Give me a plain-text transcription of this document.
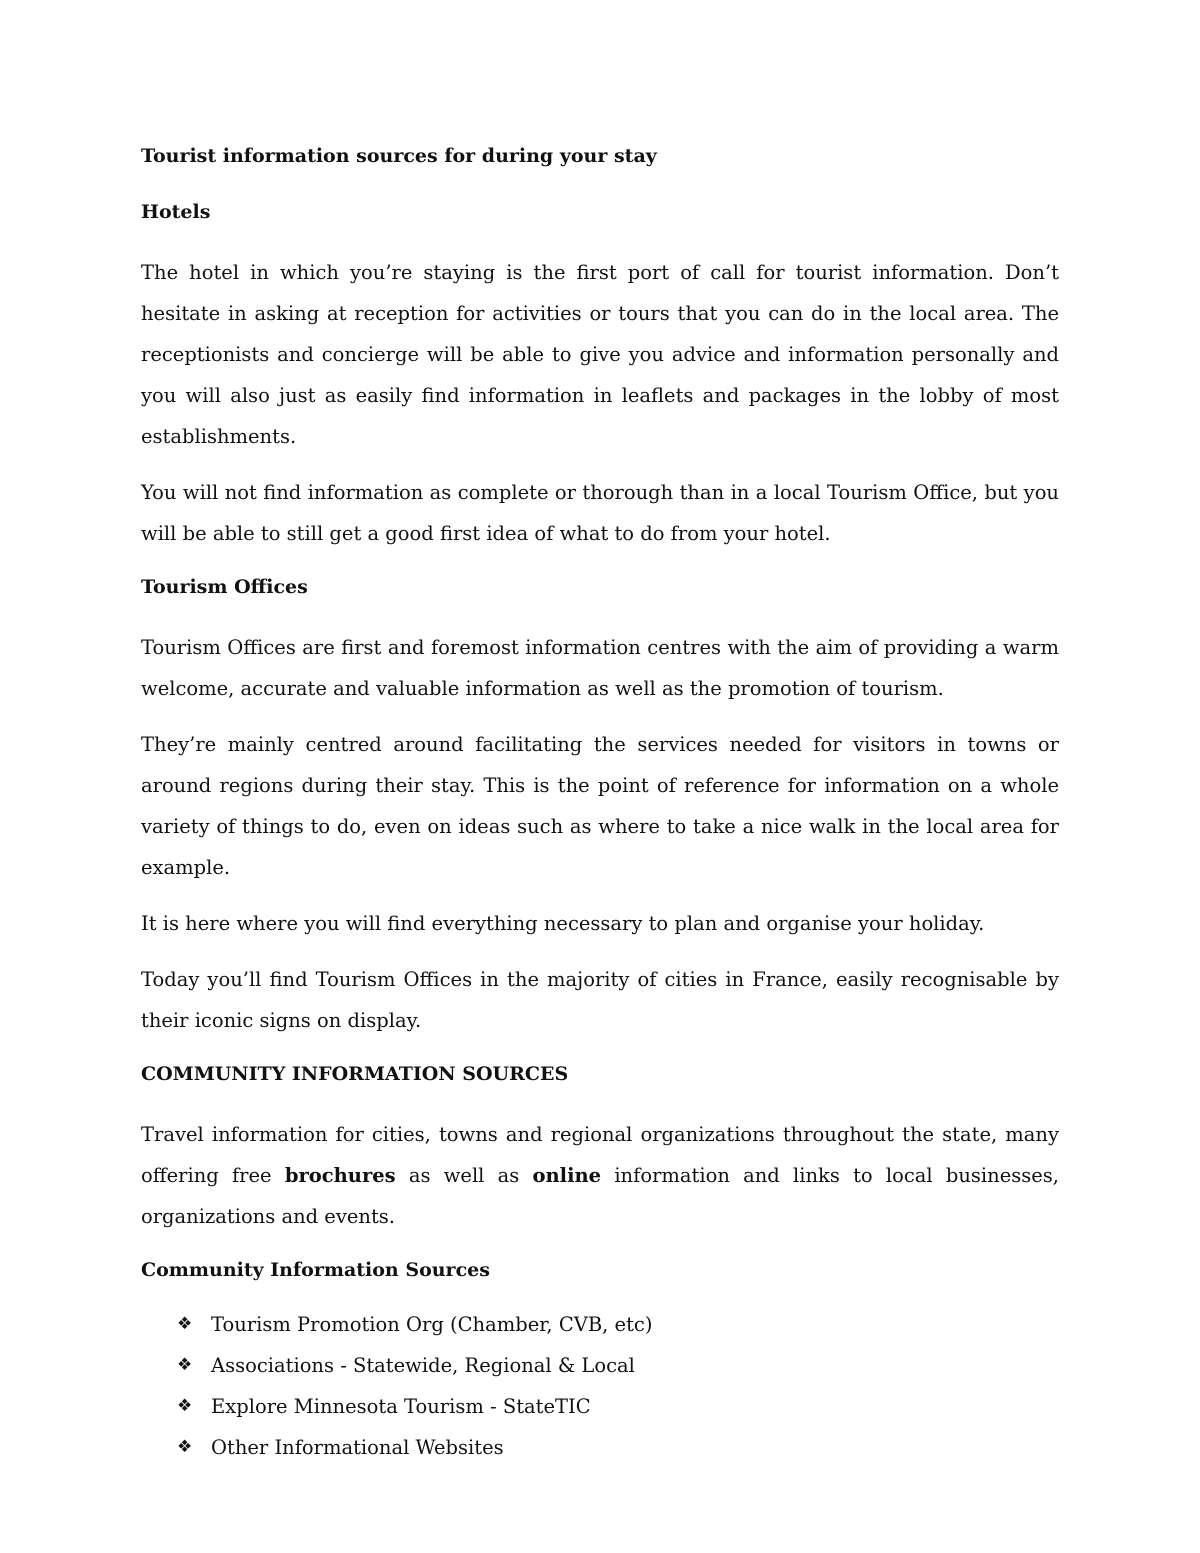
Tourist information sources for during your stay
Hotels

The hotel in which you’re staying is the first port of call for tourist information. Don’t hesitate in asking at reception for activities or tours that you can do in the local area. The receptionists and concierge will be able to give you advice and information personally and you will also just as easily find information in leaflets and packages in the lobby of most establishments.

You will not find information as complete or thorough than in a local Tourism Office, but you will be able to still get a good first idea of what to do from your hotel.

Tourism Offices

Tourism Offices are first and foremost information centres with the aim of providing a warm welcome, accurate and valuable information as well as the promotion of tourism.

They’re mainly centred around facilitating the services needed for visitors in towns or around regions during their stay. This is the point of reference for information on a whole variety of things to do, even on ideas such as where to take a nice walk in the local area for example.

It is here where you will find everything necessary to plan and organise your holiday.

Today you’ll find Tourism Offices in the majority of cities in France, easily recognisable by their iconic signs on display.

COMMUNITY INFORMATION SOURCES

Travel information for cities, towns and regional organizations throughout the state, many offering free brochures as well as online information and links to local businesses, organizations and events.

Community Information Sources
❖ Tourism Promotion Org (Chamber, CVB, etc)
❖ Associations - Statewide, Regional & Local
❖ Explore Minnesota Tourism - StateTIC
❖ Other Informational Websites
